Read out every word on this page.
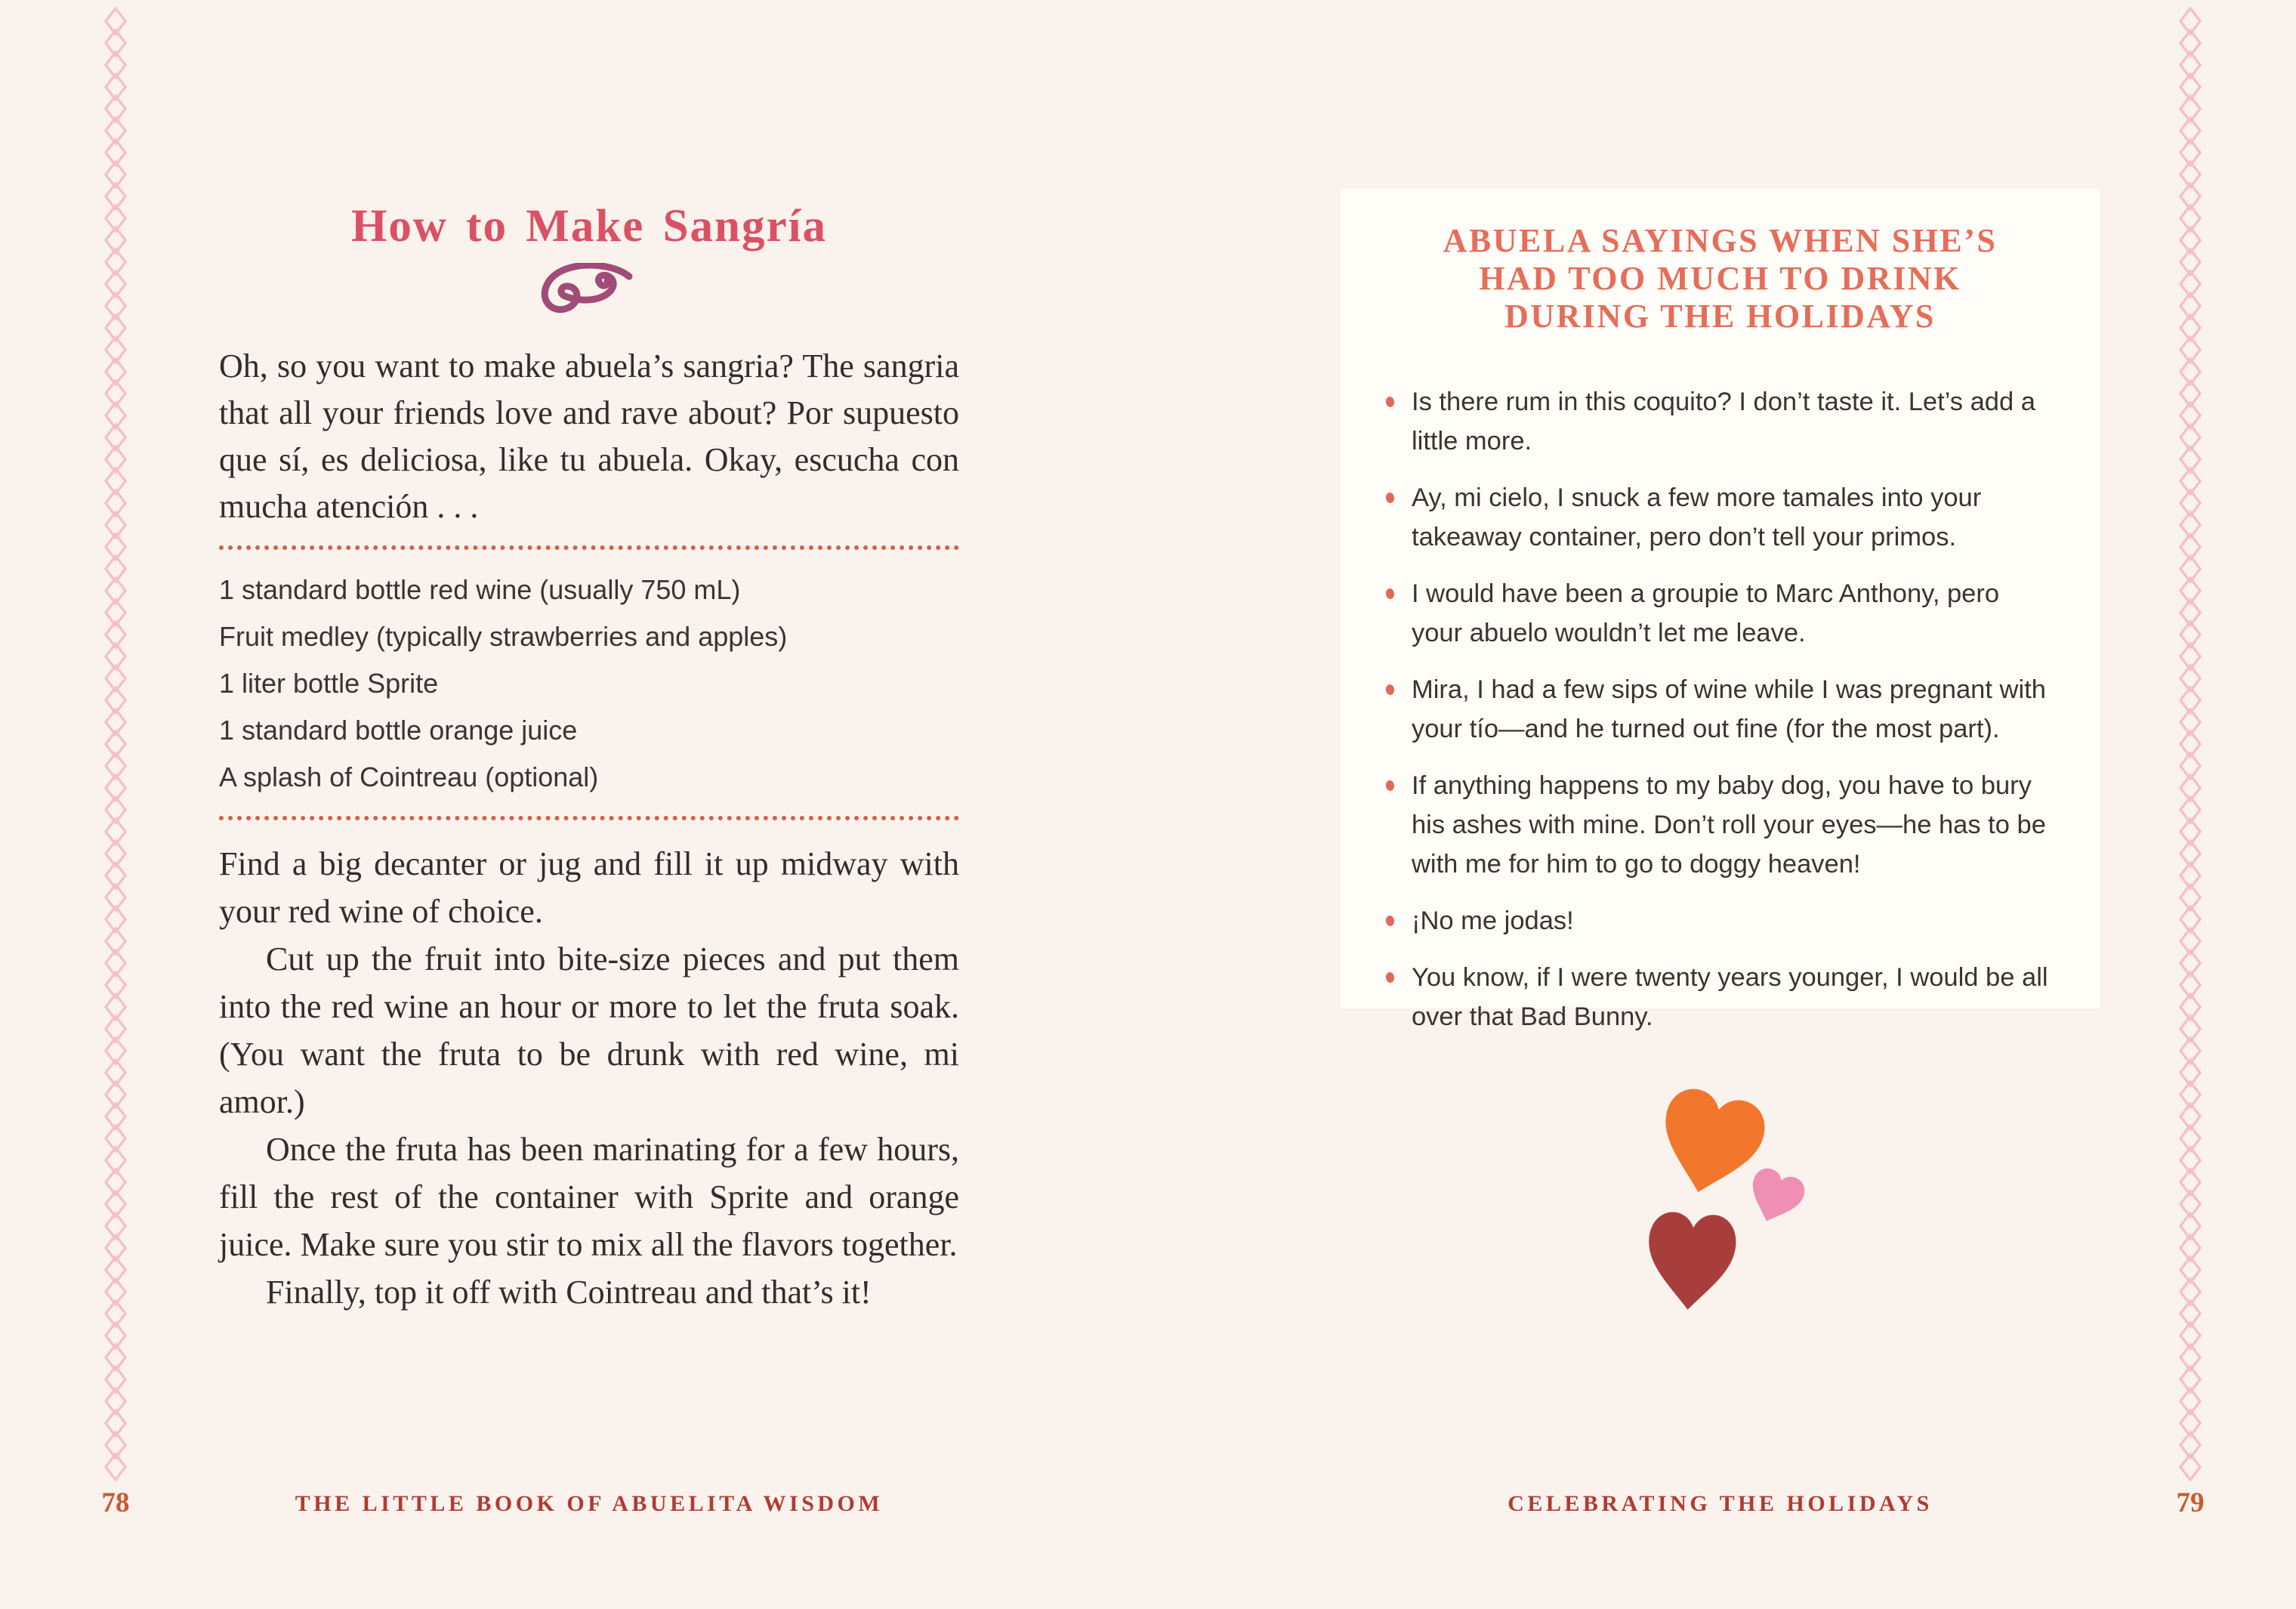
How to Make Sangría

Oh, so you want to make abuela’s sangria? The sangria that all your friends love and rave about? Por supuesto que sí, es deliciosa, like tu abuela. Okay, escucha con mucha atención . . .

1 standard bottle red wine (usually 750 mL)
Fruit medley (typically strawberries and apples)
1 liter bottle Sprite
1 standard bottle orange juice
A splash of Cointreau (optional)

Find a big decanter or jug and fill it up midway with your red wine of choice.

Cut up the fruit into bite-size pieces and put them into the red wine an hour or more to let the fruta soak. (You want the fruta to be drunk with red wine, mi amor.)

Once the fruta has been marinating for a few hours, fill the rest of the container with Sprite and orange juice. Make sure you stir to mix all the flavors together.

Finally, top it off with Cointreau and that’s it!

78	THE LITTLE BOOK OF ABUELITA WISDOM
ABUELA SAYINGS WHEN SHE’S
HAD TOO MUCH TO DRINK
DURING THE HOLIDAYS
Is there rum in this coquito? I don’t taste it. Let’s add a little more.
Ay, mi cielo, I snuck a few more tamales into your takeaway container, pero don’t tell your primos.
I would have been a groupie to Marc Anthony, pero your abuelo wouldn’t let me leave.
Mira, I had a few sips of wine while I was pregnant with your tío—and he turned out fine (for the most part).
If anything happens to my baby dog, you have to bury his ashes with mine. Don’t roll your eyes—he has to be with me for him to go to doggy heaven!
¡No me jodas!
You know, if I were twenty years younger, I would be all over that Bad Bunny.
CELEBRATING THE HOLIDAYS	79
